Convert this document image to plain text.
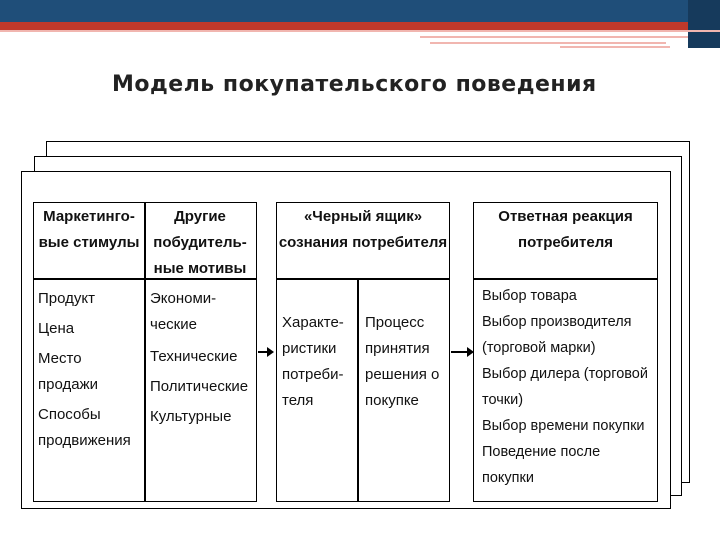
Модель покупательского поведения
Маркетинго-
вые стимулы
Другие
побудитель-
ные мотивы
Продукт
Цена
Место
продажи
Способы
продвижения
Экономи-
ческие
Технические
Политические
Культурные
«Черный ящик»
сознания потребителя
Характе-
ристики
потреби-
теля
Процесс
принятия
решения о
покупке
Ответная реакция
потребителя
Выбор товара
Выбор производителя
(торговой марки)
Выбор дилера (торговой
точки)
Выбор времени покупки
Поведение после
покупки
